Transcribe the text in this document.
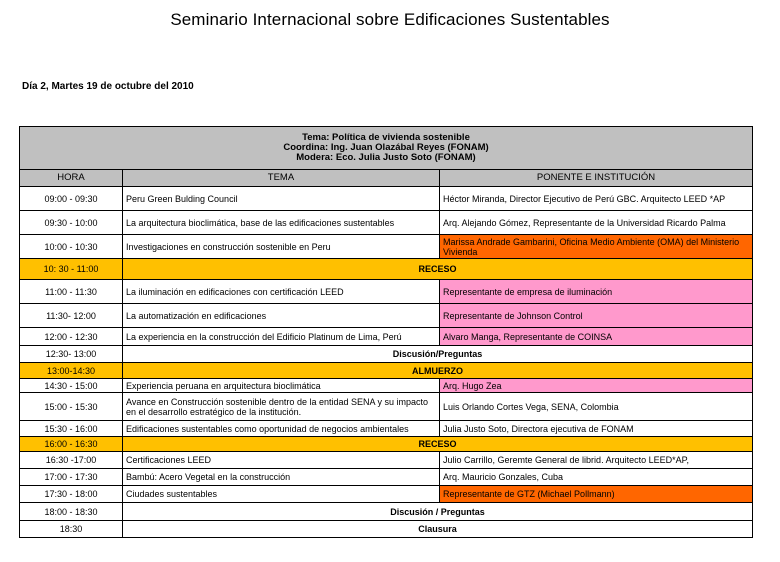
Seminario Internacional sobre Edificaciones Sustentables
Día 2, Martes 19 de octubre del 2010
Tema: Política de vivienda sostenible
Coordina: Ing. Juan Olazábal Reyes (FONAM)
Modera: Eco. Julia Justo Soto (FONAM)		

HORA	TEMA	PONENTE E INSTITUCIÓN
09:00 - 09:30	Peru Green Bulding Council	Héctor Miranda, Director Ejecutivo de Perú GBC. Arquitecto LEED *AP
09:30 - 10:00	La arquitectura bioclimática, base de las edificaciones sustentables	Arq. Alejando Gómez, Representante de la Universidad Ricardo Palma
10:00 - 10:30	Investigaciones en construcción sostenible en Peru	Marissa Andrade Gambarini, Oficina Medio Ambiente (OMA) del Ministerio Vivienda
10: 30 - 11:00	RECESO	
11:00 - 11:30	La iluminación en edificaciones con certificación LEED	Representante de empresa de iluminación
11:30- 12:00	La automatización en edificaciones	Representante de Johnson Control
12:00 - 12:30	La experiencia en la construcción del Edificio Platinum de Lima, Perú	Alvaro Manga, Representante de COINSA
12:30- 13:00	Discusión/Preguntas	
13:00-14:30	ALMUERZO	
14:30 - 15:00	Experiencia peruana en arquitectura bioclimática	Arq. Hugo Zea
15:00 - 15:30	Avance en Construcción sostenible dentro de la entidad SENA y su impacto en el desarrollo estratégico de la institución.	Luis Orlando Cortes Vega, SENA, Colombia
15:30 - 16:00	Edificaciones sustentables como oportunidad de negocios ambientales	Julia Justo Soto, Directora ejecutiva de FONAM
16:00 - 16:30	RECESO	
16:30 -17:00	Certificaciones LEED	Julio Carrillo, Geremte General de librid. Arquitecto LEED*AP,
17:00 - 17:30	Bambú: Acero Vegetal en la construcción	Arq. Mauricio Gonzales, Cuba
17:30 - 18:00	Ciudades sustentables	Representante de GTZ (Michael Pollmann)
18:00 - 18:30	Discusión / Preguntas	
18:30	Clausura	
